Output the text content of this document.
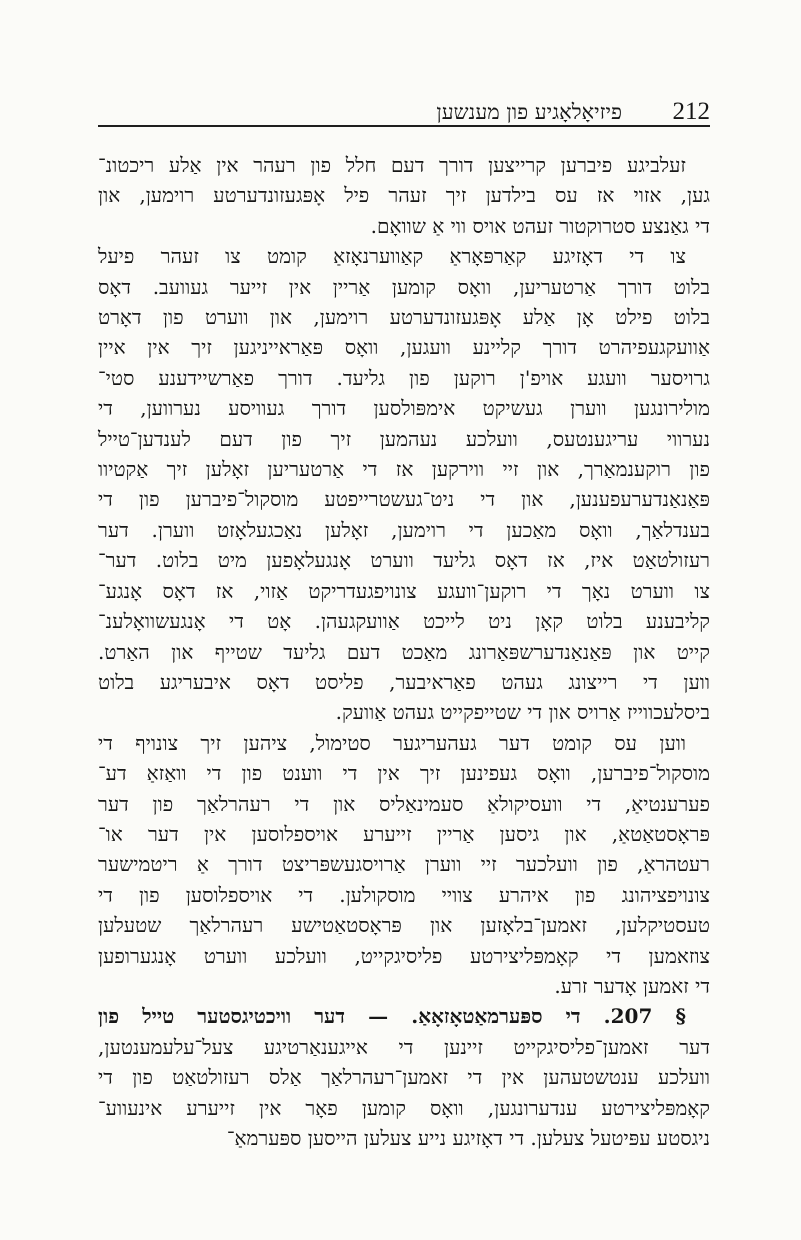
212
פיזיאָלאָגיע פון מענשען
זעלביגע פיברען קרייצען דורך דעם חלל פון רעהר אין אַלע ריכטונ־
גען, אזוי אז עס בילדען זיך זעהר פיל אָפּגעזונדערטע רוימען, און
די גאַנצע סטרוקטור זעהט אויס ווי אַ שוואָם.
צו די דאָזיגע קאַרפּאָראַ קאַווערנאָזאַ קומט צו זעהר פיעל
בלוט דורך אַרטעריען, וואָס קומען אַריין אין זייער געוועב. דאָס
בלוט פילט אָן אַלע אָפּגעזונדערטע רוימען, און ווערט פון דאָרט
אַוועקגעפיהרט דורך קליינע וועגען, וואָס פּאַראייניגען זיך אין איין
גרויסער וועגע אויפ'ן רוקען פון גליעד. דורך פאַרשיידענע סטי־
מולירונגען ווערן געשיקט אימפּולסען דורך געוויסע נערווען, די
נערווי עריגענטעס, וועלכע נעהמען זיך פון דעם לענדען־טייל
פון רוקענמאַרך, און זיי ווירקען אז די אַרטעריען זאָלען זיך אַקטיוו
פּאַנאַנדערעפענען, און די ניט־געשטרייפטע מוסקול־פיברען פון די
בענדלאַך, וואָס מאַכען די רוימען, זאָלען נאַכגעלאָזט ווערן. דער
רעזולטאַט איז, אז דאָס גליעד ווערט אָנגעלאָפען מיט בלוט. דער־
צו ווערט נאָך די רוקען־וועגע צונויפגעדריקט אַזוי, אז דאָס אָנגע־
קליבענע בלוט קאָן ניט לייכט אַוועקגעהן. אָט די אָנגעשוואָלענ־
קייט און פּאַנאַנדערשפּאַרונג מאַכט דעם גליעד שטייף און האַרט.
ווען די רייצונג געהט פאַראיבער, פליסט דאָס איבעריגע בלוט
ביסלעכווייז אַרויס און די שטייפקייט געהט אַוועק.
ווען עס קומט דער געהעריגער סטימול, ציהען זיך צונויף די
מוסקול־פיברען, וואָס געפינען זיך אין די ווענט פון די וואַזאַ דע־
פערענטיאַ, די וועסיקולאַ סעמינאַליס און די רעהרלאַך פון דער
פּראָסטאַטאַ, און גיסען אַריין זייערע אויספלוסען אין דער או־
רעטהראַ, פון וועלכער זיי ווערן אַרויסגעשפּריצט דורך אַ ריטמישער
צונויפציהונג פון איהרע צוויי מוסקולען. די אויספלוסען פון די
טעסטיקלען, זאמען־בלאָזען און פּראָסטאַטישע רעהרלאַך שטעלען
צוזאמען די קאָמפּליצירטע פליסיגקייט, וועלכע ווערט אָנגערופען
די זאמען אָדער זרע.
§ 207. די ספּערמאַטאָזאָאַ. — דער וויכטיגסטער טייל פון
דער זאמען־פליסיגקייט זיינען די אייגענאַרטיגע צעל־עלעמענטען,
וועלכע ענטשטעהען אין די זאמען־רעהרלאַך אַלס רעזולטאַט פון די
קאָמפּליצירטע ענדערונגען, וואָס קומען פאָר אין זייערע אינעווע־
ניגסטע עפּיטעל צעלען. די דאָזיגע נייע צעלען הייסען ספּערמאַ־
